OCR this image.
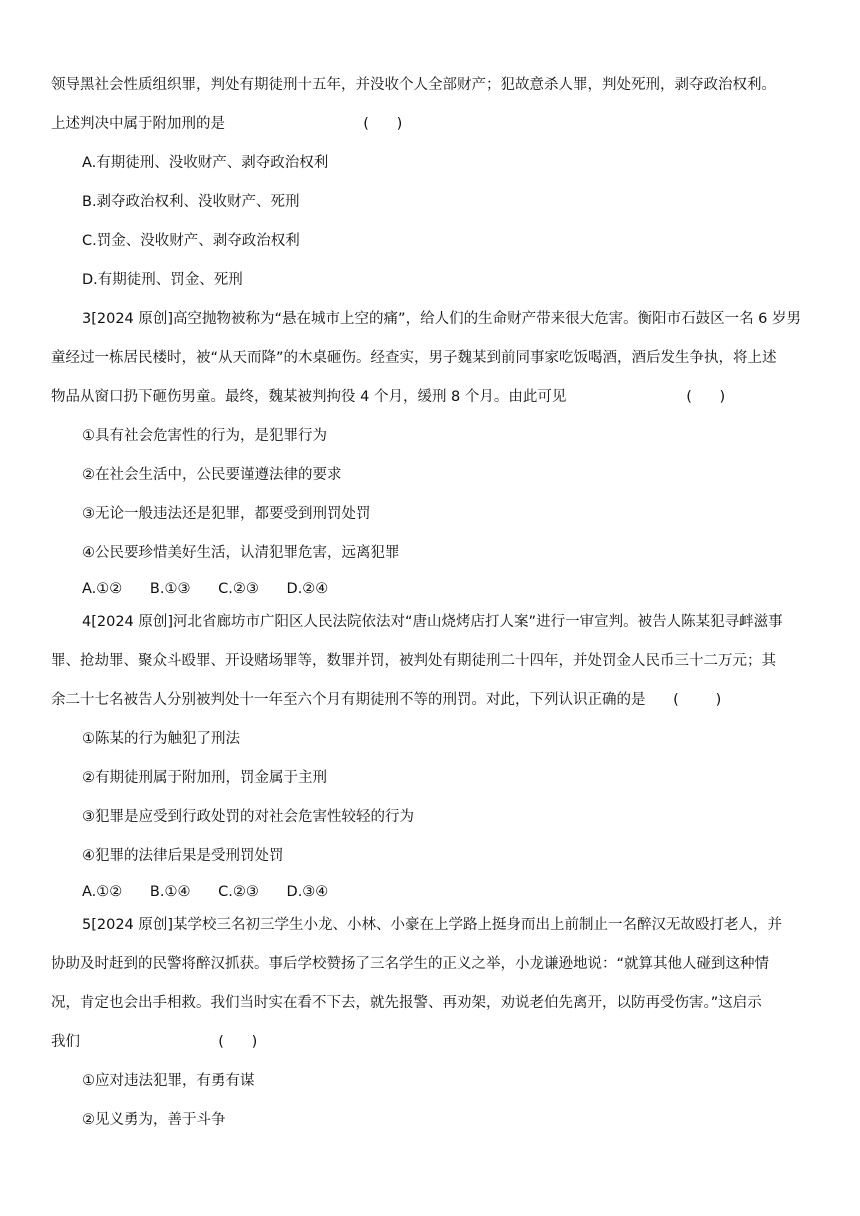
领导黑社会性质组织罪，判处有期徒刑十五年，并没收个人全部财产；犯故意杀人罪，判处死刑，剥夺政治权利。

上述判决中属于附加刑的是                              (      )

A.有期徒刑、没收财产、剥夺政治权利

B.剥夺政治权利、没收财产、死刑

C.罚金、没收财产、剥夺政治权利

D.有期徒刑、罚金、死刑

3[2024 原创]高空抛物被称为“悬在城市上空的痛”，给人们的生命财产带来很大危害。衡阳市石鼓区一名 6 岁男

童经过一栋居民楼时，被“从天而降”的木桌砸伤。经查实，男子魏某到前同事家吃饭喝酒，酒后发生争执，将上述

物品从窗口扔下砸伤男童。最终，魏某被判拘役 4 个月，缓刑 8 个月。由此可见                          (      )

①具有社会危害性的行为，是犯罪行为

②在社会生活中，公民要谨遵法律的要求

③无论一般违法还是犯罪，都要受到刑罚处罚

④公民要珍惜美好生活，认清犯罪危害，远离犯罪

A.①②      B.①③      C.②③      D.②④

4[2024 原创]河北省廊坊市广阳区人民法院依法对“唐山烧烤店打人案”进行一审宣判。被告人陈某犯寻衅滋事

罪、抢劫罪、聚众斗殴罪、开设赌场罪等，数罪并罚，被判处有期徒刑二十四年，并处罚金人民币三十二万元；其

余二十七名被告人分别被判处十一年至六个月有期徒刑不等的刑罚。对此，下列认识正确的是      (        )

①陈某的行为触犯了刑法

②有期徒刑属于附加刑，罚金属于主刑

③犯罪是应受到行政处罚的对社会危害性较轻的行为

④犯罪的法律后果是受刑罚处罚

A.①②      B.①④      C.②③      D.③④

5[2024 原创]某学校三名初三学生小龙、小林、小豪在上学路上挺身而出上前制止一名醉汉无故殴打老人，并

协助及时赶到的民警将醉汉抓获。事后学校赞扬了三名学生的正义之举，小龙谦逊地说：“就算其他人碰到这种情

况，肯定也会出手相救。我们当时实在看不下去，就先报警、再劝架，劝说老伯先离开，以防再受伤害。”这启示

我们                              (      )

①应对违法犯罪，有勇有谋

②见义勇为，善于斗争
